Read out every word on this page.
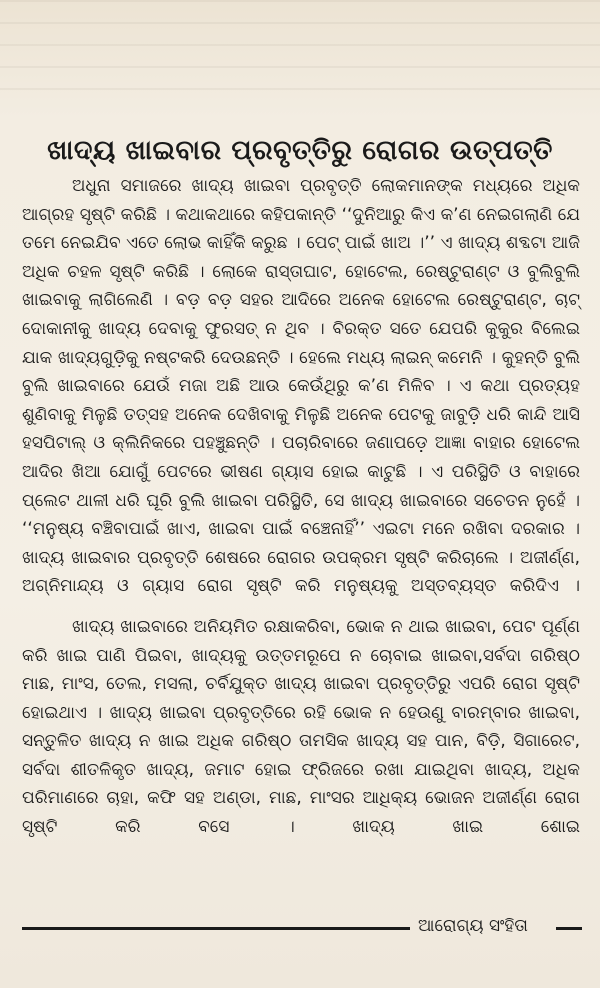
ଖାଦ୍ୟ ଖାଇବାର ପ୍ରବୃତ୍ତିରୁ ରୋଗର ଉତ୍ପତ୍ତି

ଅଧୁନା ସମାଜରେ ଖାଦ୍ୟ ଖାଇବା ପ୍ରବୃତ୍ତି ଲୋକମାନଙ୍କ ମଧ୍ୟରେ ଅଧିକ ଆଗ୍ରହ ସୃଷ୍ଟି କରିଛି । କଥାକଥାରେ କହିପକାନ୍ତି ‘‘ଦୁନିଆରୁ କିଏ କ’ଣ ନେଇଗଲାଣି ଯେ ତମେ ନେଇଯିବ ଏତେ ଲୋଭ କାହିଁକି କରୁଛ । ପେଟ୍ ପାଇଁ ଖାଅ ।’’ ଏ ଖାଦ୍ୟ ଶବ୍ଦଟା ଆଜି ଅଧିକ ଚହଳ ସୃଷ୍ଟି କରିଛି । ଲୋକେ ରାସ୍ତାଘାଟ, ହୋଟେଲ, ରେଷ୍ଟୁରାଣ୍ଟ ଓ ବୁଲିବୁଲି ଖାଇବାକୁ ଲାଗିଲେଣି । ବଡ଼ ବଡ଼ ସହର ଆଦିରେ ଅନେକ ହୋଟେଲ ରେଷ୍ଟୁରାଣ୍ଟ, ଚାଟ୍ ଦୋକାନୀକୁ ଖାଦ୍ୟ ଦେବାକୁ ଫୁରସତ୍ ନ ଥିବ । ବିରକ୍ତ ସତେ ଯେପରି କୁକୁର ବିଲେଇ ଯାକ ଖାଦ୍ୟଗୁଡ଼ିକୁ ନଷ୍ଟକରି ଦେଉଛନ୍ତି । ହେଲେ ମଧ୍ୟ ଲାଇନ୍ କମେନି । କୁହନ୍ତି ବୁଲି ବୁଲି ଖାଇବାରେ ଯେଉଁ ମଜା ଅଛି ଆଉ କେଉଁଥିରୁ କ’ଣ ମିଳିବ । ଏ କଥା ପ୍ରତ୍ୟହ ଶୁଣିବାକୁ ମିଳୁଛି ତତ୍‌ସହ ଅନେକ ଦେଖିବାକୁ ମିଳୁଛି ଅନେକ ପେଟକୁ ଜାବୁଡ଼ି ଧରି କାନ୍ଦି ଆସି ହସପିଟାଲ୍ ଓ କ୍ଲିନିକରେ ପହଞ୍ଚୁଛନ୍ତି । ପଚାରିବାରେ ଜଣାପଡ଼େ ଆଜ୍ଞା ବାହାର ହୋଟେଲ ଆଦିର ଖିଆ ଯୋଗୁଁ ପେଟରେ ଭୀଷଣ ଗ୍ୟାସ ହୋଇ କାଟୁଛି । ଏ ପରିସ୍ଥିତି ଓ ବାହାରେ ପ୍ଲେଟ ଥାଳୀ ଧରି ଘୂରି ବୁଲି ଖାଇବା ପରିସ୍ଥିତି, ସେ ଖାଦ୍ୟ ଖାଇବାରେ ସଚେତନ ନୁହେଁ । ‘‘ମନୁଷ୍ୟ ବଞ୍ଚିବାପାଇଁ ଖାଏ, ଖାଇବା ପାଇଁ ବଞ୍ଚେନାହିଁ’’ ଏଇଟା ମନେ ରଖିବା ଦରକାର । ଖାଦ୍ୟ ଖାଇବାର ପ୍ରବୃତ୍ତି ଶେଷରେ ରୋଗର ଉପକ୍ରମ ସୃଷ୍ଟି କରିଚାଲେ । ଅଜୀର୍ଣ୍ଣ, ଅଗ୍ନିମାନ୍ଦ୍ୟ ଓ ଗ୍ୟାସ ରୋଗ ସୃଷ୍ଟି କରି ମନୁଷ୍ୟକୁ ଅସ୍ତବ୍ୟସ୍ତ କରିଦିଏ ।

ଖାଦ୍ୟ ଖାଇବାରେ ଅନିୟମିତ ରକ୍ଷାକରିବା, ଭୋକ ନ ଥାଇ ଖାଇବା, ପେଟ ପୂର୍ଣ୍ଣ କରି ଖାଇ ପାଣି ପିଇବା, ଖାଦ୍ୟକୁ ଉତ୍ତମରୂପେ ନ ଚୋବାଇ ଖାଇବା,ସର୍ବଦା ଗରିଷ୍ଠ ମାଛ, ମାଂସ, ତେଲ, ମସଲା, ଚର୍ବିଯୁକ୍ତ ଖାଦ୍ୟ ଖାଇବା ପ୍ରବୃତ୍ତିରୁ ଏପରି ରୋଗ ସୃଷ୍ଟି ହୋଇଥାଏ । ଖାଦ୍ୟ ଖାଇବା ପ୍ରବୃତ୍ତିରେ ରହି ଭୋକ ନ ହେଉଣୁ ବାରମ୍ବାର ଖାଇବା, ସନ୍ତୁଳିତ ଖାଦ୍ୟ ନ ଖାଇ ଅଧିକ ଗରିଷ୍ଠ ତାମସିକ ଖାଦ୍ୟ ସହ ପାନ, ବିଡ଼ି, ସିଗାରେଟ, ସର୍ବଦା ଶୀତଳିକୃତ ଖାଦ୍ୟ, ଜମାଟ ହୋଇ ଫ୍ରିଜରେ ରଖା ଯାଇଥିବା ଖାଦ୍ୟ, ଅଧିକ ପରିମାଣରେ ଚାହା, କଫି ସହ ଅଣ୍ଡା, ମାଛ, ମାଂସର ଆଧିକ୍ୟ ଭୋଜନ ଅଜୀର୍ଣ୍ଣ ରୋଗ ସୃଷ୍ଟି କରି ବସେ । ଖାଦ୍ୟ ଖାଇ ଶୋଇ

ଆରୋଗ୍ୟ ସଂହିତା
